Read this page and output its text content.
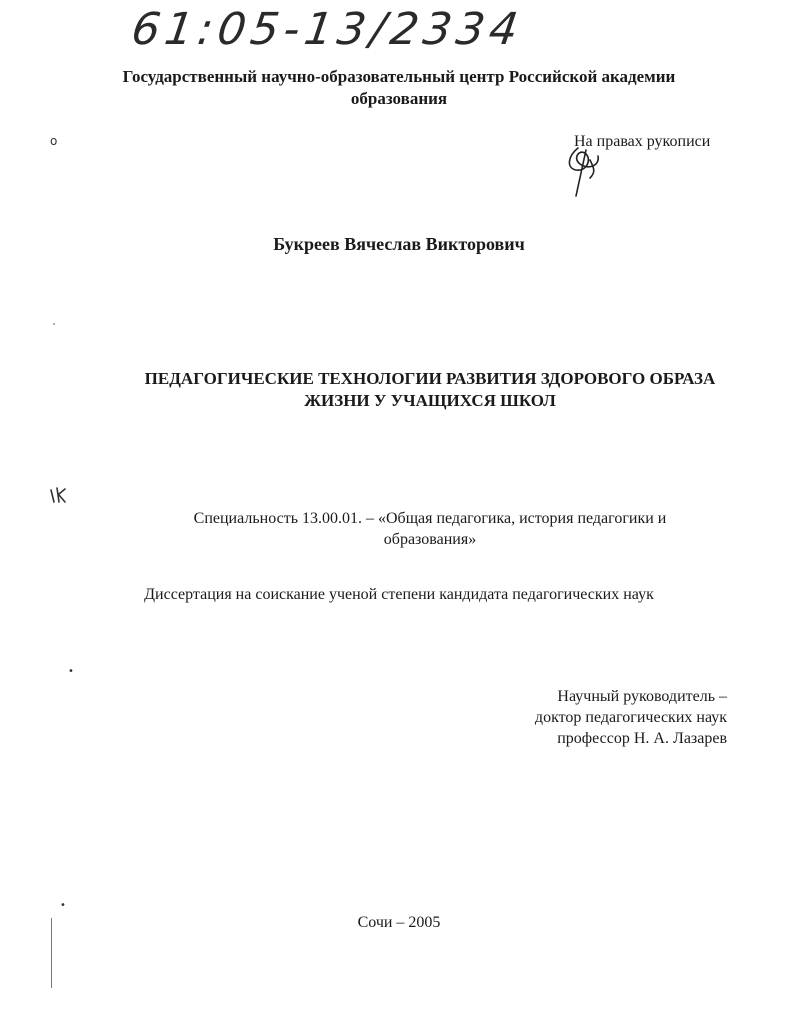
61:05-13/2334
Государственный научно-образовательный центр Российской академии
образования
ο	На правах рукописи
Букреев Вячеслав Викторович
ॱ
ПЕДАГОГИЧЕСКИЕ ТЕХНОЛОГИИ РАЗВИТИЯ ЗДОРОВОГО ОБРАЗА
ЖИЗНИ У УЧАЩИХСЯ ШКОЛ
Специальность 13.00.01. – «Общая педагогика, история педагогики и
образования»
Диссертация на соискание ученой степени кандидата педагогических наук
•
Научный руководитель –
доктор педагогических наук
профессор Н. А. Лазарев
•
Сочи – 2005
